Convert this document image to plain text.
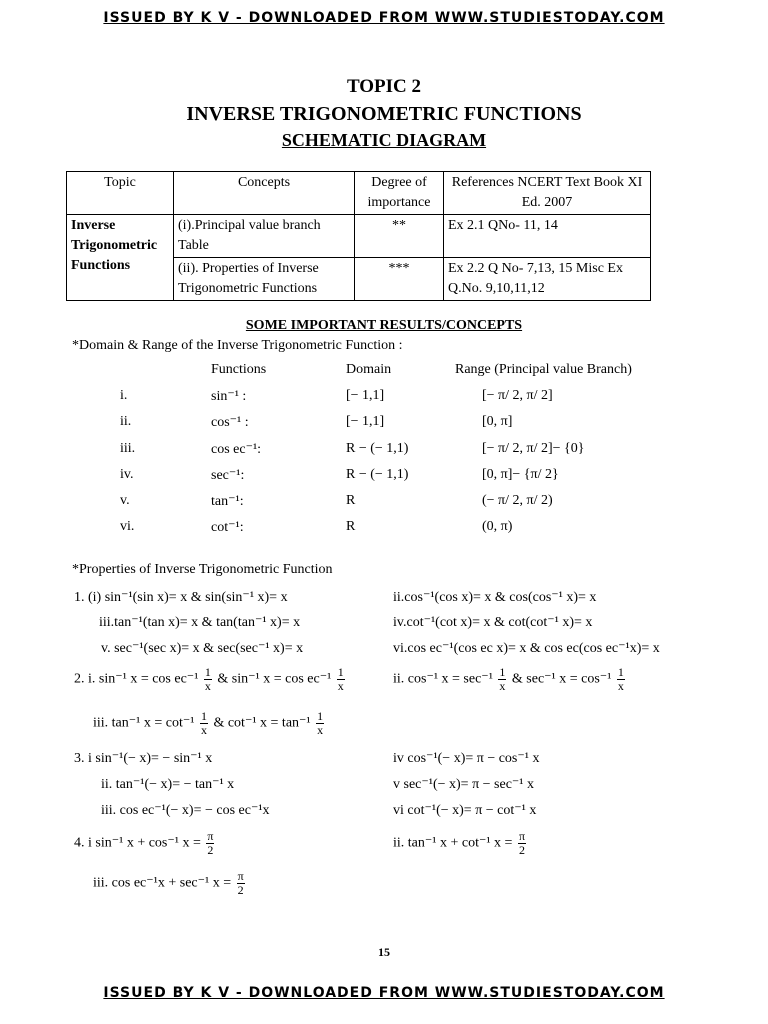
ISSUED BY K V - DOWNLOADED FROM WWW.STUDIESTODAY.COM
TOPIC 2
INVERSE TRIGONOMETRIC FUNCTIONS
SCHEMATIC DIAGRAM
Topic	Concepts	Degree of importance	References NCERT Text Book XI Ed. 2007

Inverse
Trigonometric
Functions	(i).Principal value branch Table	**	Ex 2.1 QNo- 11, 14
	(ii). Properties of Inverse Trigonometric Functions	***	Ex 2.2 Q No- 7,13, 15 Misc Ex Q.No. 9,10,11,12
SOME IMPORTANT RESULTS/CONCEPTS
*Domain & Range of the Inverse Trigonometric Function :
Functions	Domain	Range (Principal value Branch)
i.	sin⁻¹ :	[− 1,1]	[− π/ 2, π/ 2]
ii.	cos⁻¹ :	[− 1,1]	[0, π]
iii.	cos ec⁻¹:	R − (− 1,1)	[− π/ 2, π/ 2]− {0}
iv.	sec⁻¹:	R − (− 1,1)	[0, π]− {π/ 2}
v.	tan⁻¹:	R	(− π/ 2, π/ 2)
vi.	cot⁻¹:	R	(0, π)
*Properties of Inverse Trigonometric Function
1. (i) sin⁻¹(sin x)= x & sin(sin⁻¹ x)= x	ii.cos⁻¹(cos x)= x & cos(cos⁻¹ x)= x
iii.tan⁻¹(tan x)= x & tan(tan⁻¹ x)= x	iv.cot⁻¹(cot x)= x & cot(cot⁻¹ x)= x
v. sec⁻¹(sec x)= x & sec(sec⁻¹ x)= x	vi.cos ec⁻¹(cos ec x)= x & cos ec(cos ec⁻¹x)= x
2. i. sin⁻¹ $x = \cos ec^{-1} \frac{1}{x}$ & sin⁻¹ $x = \cos ec^{-1} \frac{1}{x}$	ii. cos⁻¹ $x = \sec^{-1} \frac{1}{x}$ & sec⁻¹ $x = \cos^{-1} \frac{1}{x}$
iii. tan⁻¹ $x = \cot^{-1} \frac{1}{x}$ & cot⁻¹ $x = \tan^{-1} \frac{1}{x}$
3. i sin⁻¹(− x)= − sin⁻¹ x	iv cos⁻¹(− x)= π − cos⁻¹ x
ii. tan⁻¹(− x)= − tan⁻¹ x	v sec⁻¹(− x)= π − sec⁻¹ x
iii. cos ec⁻¹(− x)= − cos ec⁻¹x	vi cot⁻¹(− x)= π − cot⁻¹ x
4. i sin⁻¹ x + cos⁻¹ $x = \frac{\pi}{2}$	ii. tan⁻¹ x + cot⁻¹ $x = \frac{\pi}{2}$
iii. cos ec⁻¹x + sec⁻¹ $x = \frac{\pi}{2}$
15
ISSUED BY K V - DOWNLOADED FROM WWW.STUDIESTODAY.COM
